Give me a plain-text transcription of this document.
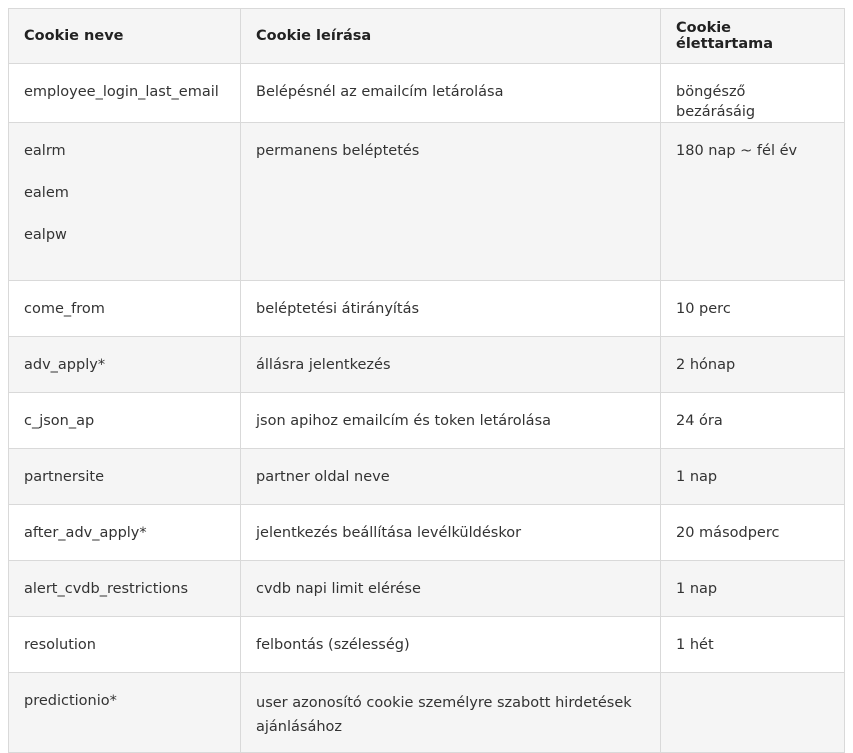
Cookie neve	Cookie leírása	Cookie élettartama
employee_login_last_email	Belépésnél az emailcím letárolása	böngésző bezárásáig

ealrm
ealem
ealpw	permanens beléptetés	180 nap ~ fél év
come_from	beléptetési átirányítás	10 perc
adv_apply*	állásra jelentkezés	2 hónap
c_json_ap	json apihoz emailcím és token letárolása	24 óra
partnersite	partner oldal neve	1 nap
after_adv_apply*	jelentkezés beállítása levélküldéskor	20 másodperc
alert_cvdb_restrictions	cvdb napi limit elérése	1 nap
resolution	felbontás (szélesség)	1 hét
predictionio*	user azonosító cookie személyre szabott hirdetések
ajánlásához	
